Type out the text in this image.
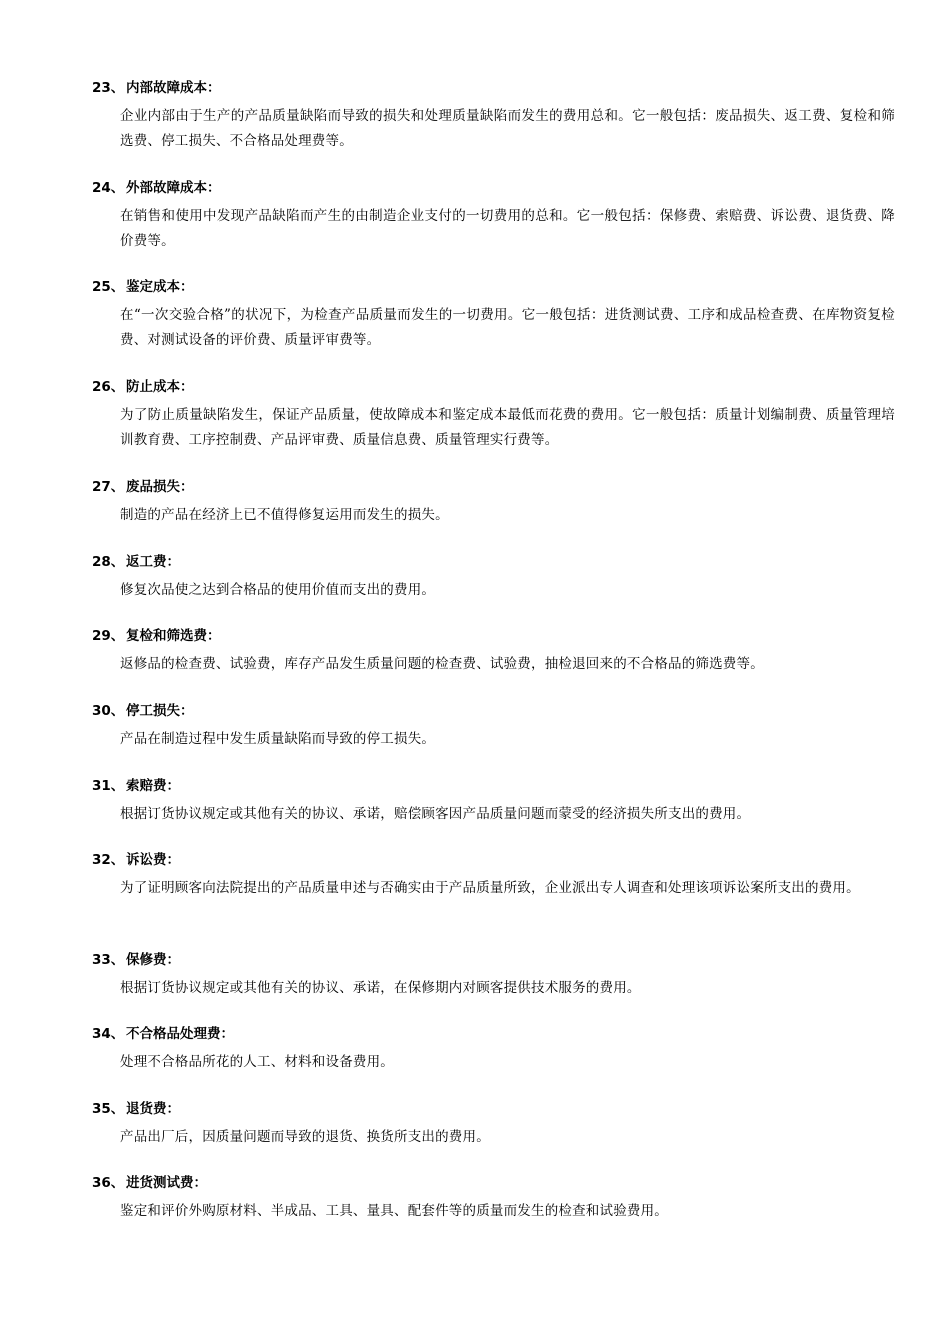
23、 内部故障成本：
企业内部由于生产的产品质量缺陷而导致的损失和处理质量缺陷而发生的费用总和。它一般包括：废品损失、返工费、复检和筛选费、停工损失、不合格品处理费等。
24、 外部故障成本：
在销售和使用中发现产品缺陷而产生的由制造企业支付的一切费用的总和。它一般包括：保修费、索赔费、诉讼费、退货费、降价费等。
25、 鉴定成本：
在“一次交验合格”的状况下，为检查产品质量而发生的一切费用。它一般包括：进货测试费、工序和成品检查费、在库物资复检费、对测试设备的评价费、质量评审费等。
26、 防止成本：
为了防止质量缺陷发生，保证产品质量，使故障成本和鉴定成本最低而花费的费用。它一般包括：质量计划编制费、质量管理培训教育费、工序控制费、产品评审费、质量信息费、质量管理实行费等。
27、 废品损失：
制造的产品在经济上已不值得修复运用而发生的损失。
28、 返工费：
修复次品使之达到合格品的使用价值而支出的费用。
29、 复检和筛选费：
返修品的检查费、试验费，库存产品发生质量问题的检查费、试验费，抽检退回来的不合格品的筛选费等。
30、 停工损失：
产品在制造过程中发生质量缺陷而导致的停工损失。
31、 索赔费：
根据订货协议规定或其他有关的协议、承诺，赔偿顾客因产品质量问题而蒙受的经济损失所支出的费用。
32、 诉讼费：
为了证明顾客向法院提出的产品质量申述与否确实由于产品质量所致，企业派出专人调查和处理该项诉讼案所支出的费用。
33、 保修费：
根据订货协议规定或其他有关的协议、承诺，在保修期内对顾客提供技术服务的费用。
34、 不合格品处理费：
处理不合格品所花的人工、材料和设备费用。
35、 退货费：
产品出厂后，因质量问题而导致的退货、换货所支出的费用。
36、 进货测试费：
鉴定和评价外购原材料、半成品、工具、量具、配套件等的质量而发生的检查和试验费用。
